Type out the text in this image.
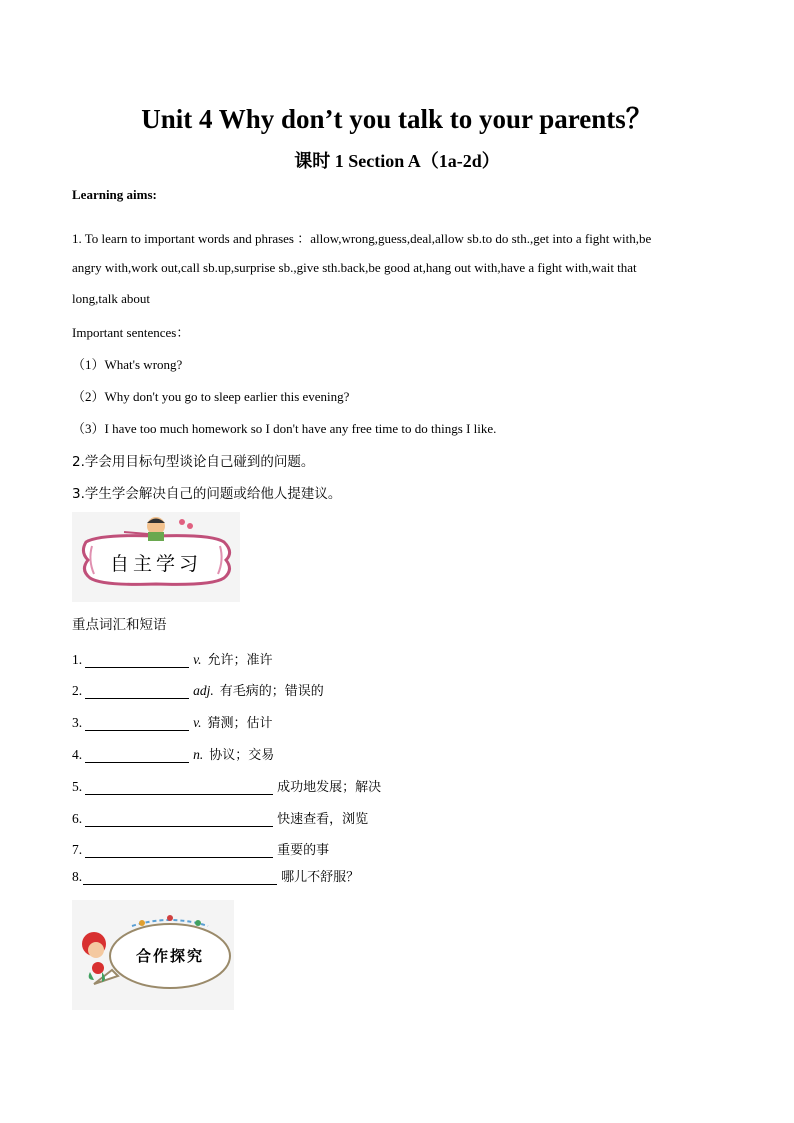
Unit 4 Why don’t you talk to your parents？
课时 1 Section A（1a-2d）
Learning aims:
1. To learn to important words and phrases ：allow,wrong,guess,deal,allow sb.to do sth.,get into a fight with,be
angry with,work out,call sb.up,surprise sb.,give sth.back,be good at,hang out with,have a fight with,wait that
long,talk about
Important sentences：
（1）What's wrong?
（2）Why don't you go to sleep earlier this evening?
（3）I have too much homework so I don't have any free time to do things I like.
2.学会用目标句型谈论自己碰到的问题。
3.学生学会解决自己的问题或给他人提建议。
自主学习
重点词汇和短语
1.	v. 允许；准许
2.	adj. 有毛病的；错误的
3.	v. 猜测；估计
4.	n. 协议；交易
5.	成功地发展；解决
6.	快速查看，浏览
7.	重要的事
8.	哪儿不舒服？
合作探究
